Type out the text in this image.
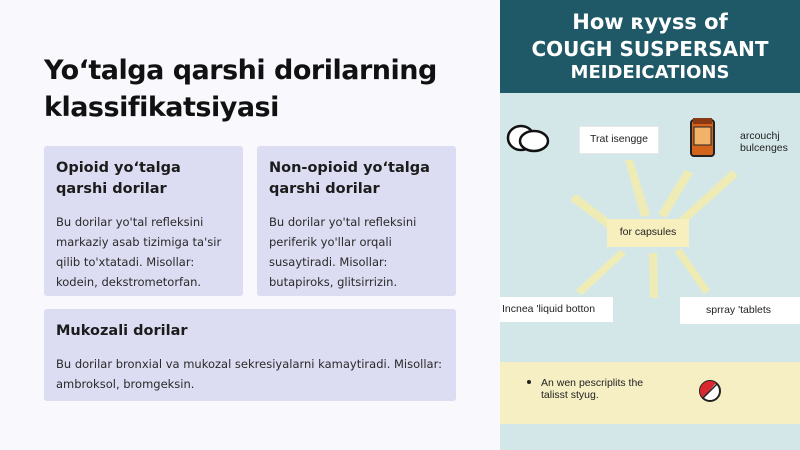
Yo‘talga qarshi dorilarning klassifikatsiyasi
Opioid yo‘talga qarshi dorilar
Bu dorilar yo'tal refleksini markaziy asab tizimiga ta'sir qilib to'xtatadi. Misollar: kodein, dekstrometorfan.
Non-opioid yo‘talga qarshi dorilar
Bu dorilar yo'tal refleksini periferik yo'llar orqali susaytiradi. Misollar: butapiroks, glitsirrizin.
Mukozali dorilar
Bu dorilar bronxial va mukozal sekresiyalarni kamaytiradi. Misollar: ambroksol, bromgeksin.
How ʀyyss of
COUGH SUSPERSANT
MEIDEICATIONS
Trat isengge	arcouchj
bulcenges
for capsules
Incnea 'liquid botton	sprray 'tablets
An wen pescriplits the
talisst styug.
